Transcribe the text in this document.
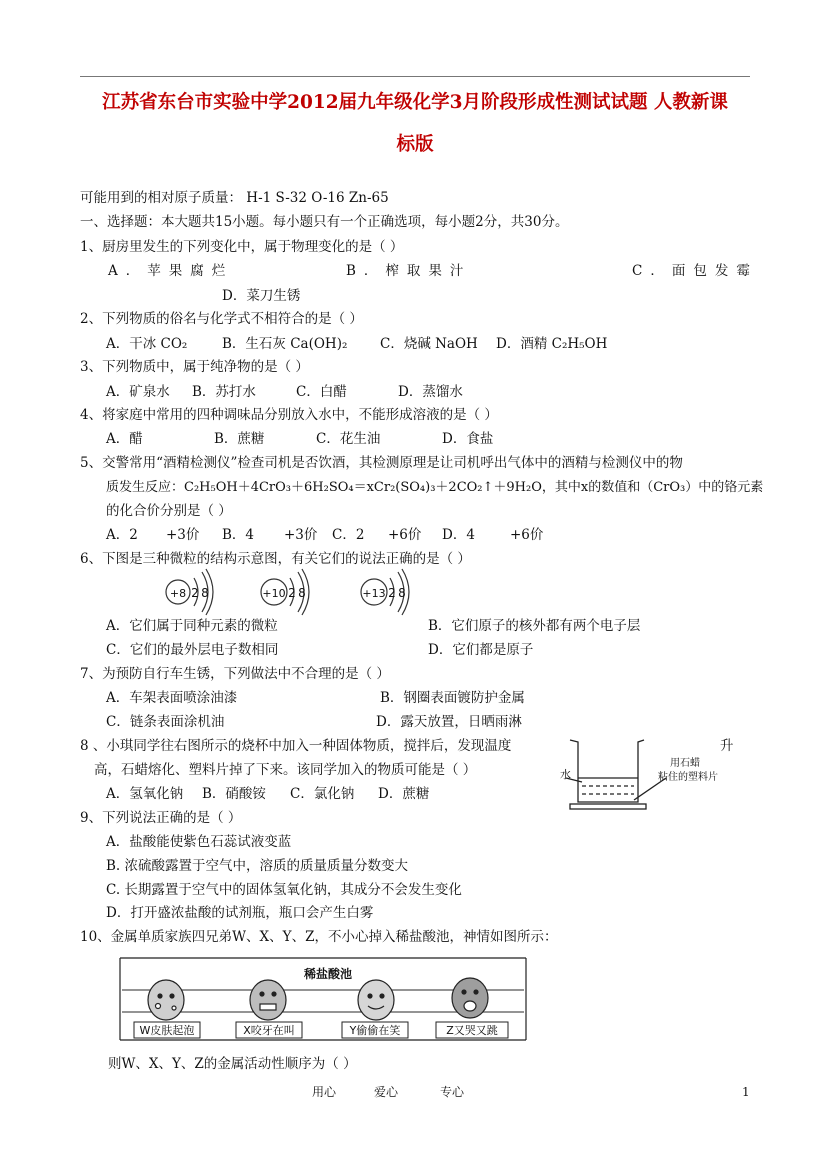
江苏省东台市实验中学2012届九年级化学3月阶段形成性测试试题 人教新课
标版
可能用到的相对原子质量： H-1 S-32 O-16 Zn-65
一、选择题：本大题共15小题。每小题只有一个正确选项，每小题2分，共30分。
1、厨房里发生的下列变化中，属于物理变化的是（ ）
A．苹果腐烂	B．榨取果汁	C．面包发霉
D．菜刀生锈
2、下列物质的俗名与化学式不相符合的是（ ）
A．干冰 CO₂	B．生石灰 Ca(OH)₂ C．烧碱 NaOH D．酒精 C₂H₅OH
3、下列物质中，属于纯净物的是（ ）
A．矿泉水 B．苏打水	C．白醋	D．蒸馏水
4、将家庭中常用的四种调味品分别放入水中，不能形成溶液的是（ ）
A．醋	B．蔗糖	C．花生油	D．食盐
5、交警常用“酒精检测仪”检查司机是否饮酒，其检测原理是让司机呼出气体中的酒精与检测仪中的物
质发生反应：C₂H₅OH＋4CrO₃＋6H₂SO₄＝xCr₂(SO₄)₃＋2CO₂↑＋9H₂O，其中x的数值和（CrO₃）中的铬元素
的化合价分别是（ ）
A．2 +3价 B．4 +3价 C．2 +6价 D．4	+6价
6、下图是三种微粒的结构示意图，有关它们的说法正确的是（ ）
+8 2 8	+10 2 8	+13 2 8
A．它们属于同种元素的微粒	B．它们原子的核外都有两个电子层
C．它们的最外层电子数相同	D．它们都是原子
7、为预防自行车生锈，下列做法中不合理的是（ ）
A．车架表面喷涂油漆	B．钢圈表面镀防护金属
C．链条表面涂机油	D．露天放置，日晒雨淋
8 、小琪同学往右图所示的烧杯中加入一种固体物质，搅拌后，发现温度	升
高，石蜡熔化、塑料片掉了下来。该同学加入的物质可能是（ ）
A．氢氧化钠 B．硝酸铵 C．氯化钠 D．蔗糖
水
用石蜡
粘住的塑料片
9、下列说法正确的是（ ）
A．盐酸能使紫色石蕊试液变蓝
B. 浓硫酸露置于空气中，溶质的质量质量分数变大
C. 长期露置于空气中的固体氢氧化钠，其成分不会发生变化
D．打开盛浓盐酸的试剂瓶，瓶口会产生白雾
10、金属单质家族四兄弟W、X、Y、Z，不小心掉入稀盐酸池，神情如图所示：
稀盐酸池
W皮肤起泡	X咬牙在叫	Y偷偷在笑	Z又哭又跳
则W、X、Y、Z的金属活动性顺序为（ ）
用心	爱心	专心	1
